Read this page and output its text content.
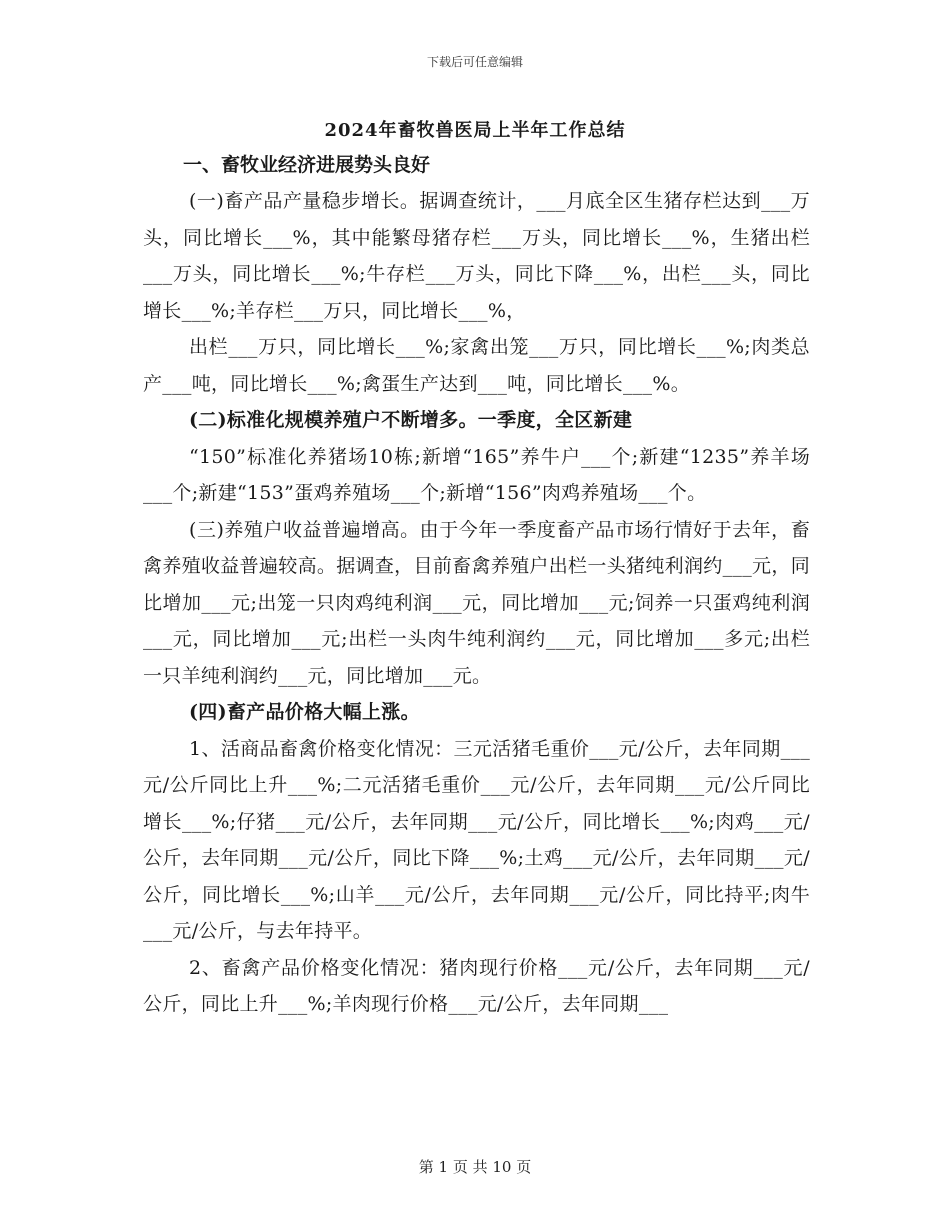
下载后可任意编辑
2024年畜牧兽医局上半年工作总结
一、畜牧业经济进展势头良好

(一)畜产品产量稳步增长。据调查统计，___月底全区生猪存栏达到___万头，同比增长___%，其中能繁母猪存栏___万头，同比增长___%，生猪出栏___万头，同比增长___%;牛存栏___万头，同比下降___%，出栏___头，同比增长___%;羊存栏___万只，同比增长___%，

出栏___万只，同比增长___%;家禽出笼___万只，同比增长___%;肉类总产___吨，同比增长___%;禽蛋生产达到___吨，同比增长___%。

(二)标准化规模养殖户不断增多。一季度，全区新建

“150”标准化养猪场10栋;新增“165”养牛户___个;新建“1235”养羊场___个;新建“153”蛋鸡养殖场___个;新增“156”肉鸡养殖场___个。

(三)养殖户收益普遍增高。由于今年一季度畜产品市场行情好于去年，畜禽养殖收益普遍较高。据调查，目前畜禽养殖户出栏一头猪纯利润约___元，同比增加___元;出笼一只肉鸡纯利润___元，同比增加___元;饲养一只蛋鸡纯利润___元，同比增加___元;出栏一头肉牛纯利润约___元，同比增加___多元;出栏一只羊纯利润约___元，同比增加___元。

(四)畜产品价格大幅上涨。

1、活商品畜禽价格变化情况：三元活猪毛重价___元/公斤，去年同期___元/公斤同比上升___%;二元活猪毛重价___元/公斤，去年同期___元/公斤同比增长___%;仔猪___元/公斤，去年同期___元/公斤，同比增长___%;肉鸡___元/公斤，去年同期___元/公斤，同比下降___%;土鸡___元/公斤，去年同期___元/公斤，同比增长___%;山羊___元/公斤，去年同期___元/公斤，同比持平;肉牛___元/公斤，与去年持平。

2、畜禽产品价格变化情况：猪肉现行价格___元/公斤，去年同期___元/公斤，同比上升___%;羊肉现行价格___元/公斤，去年同期___

第 1 页 共 10 页
